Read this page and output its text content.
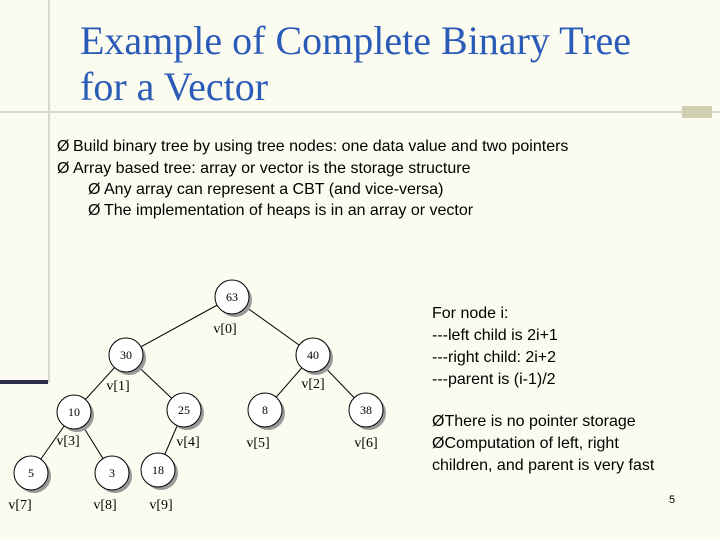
Example of Complete Binary Tree
for a Vector
Ø Build binary tree by using tree nodes: one data value and two pointers
Ø Array based tree: array or vector is the storage structure
Ø Any array can represent a CBT (and vice-versa)
Ø The implementation of heaps is in an array or vector
63
30	40
10	25	8	38
5	3	18
v[0]
v[1]	v[2]
v[3]	v[4]	v[5]	v[6]
v[7]	v[8] v[9]
For node i:
---left child is 2i+1
---right child: 2i+2
---parent is (i-1)/2
ØThere is no pointer storage
ØComputation of left, right
children, and parent is very fast
5
